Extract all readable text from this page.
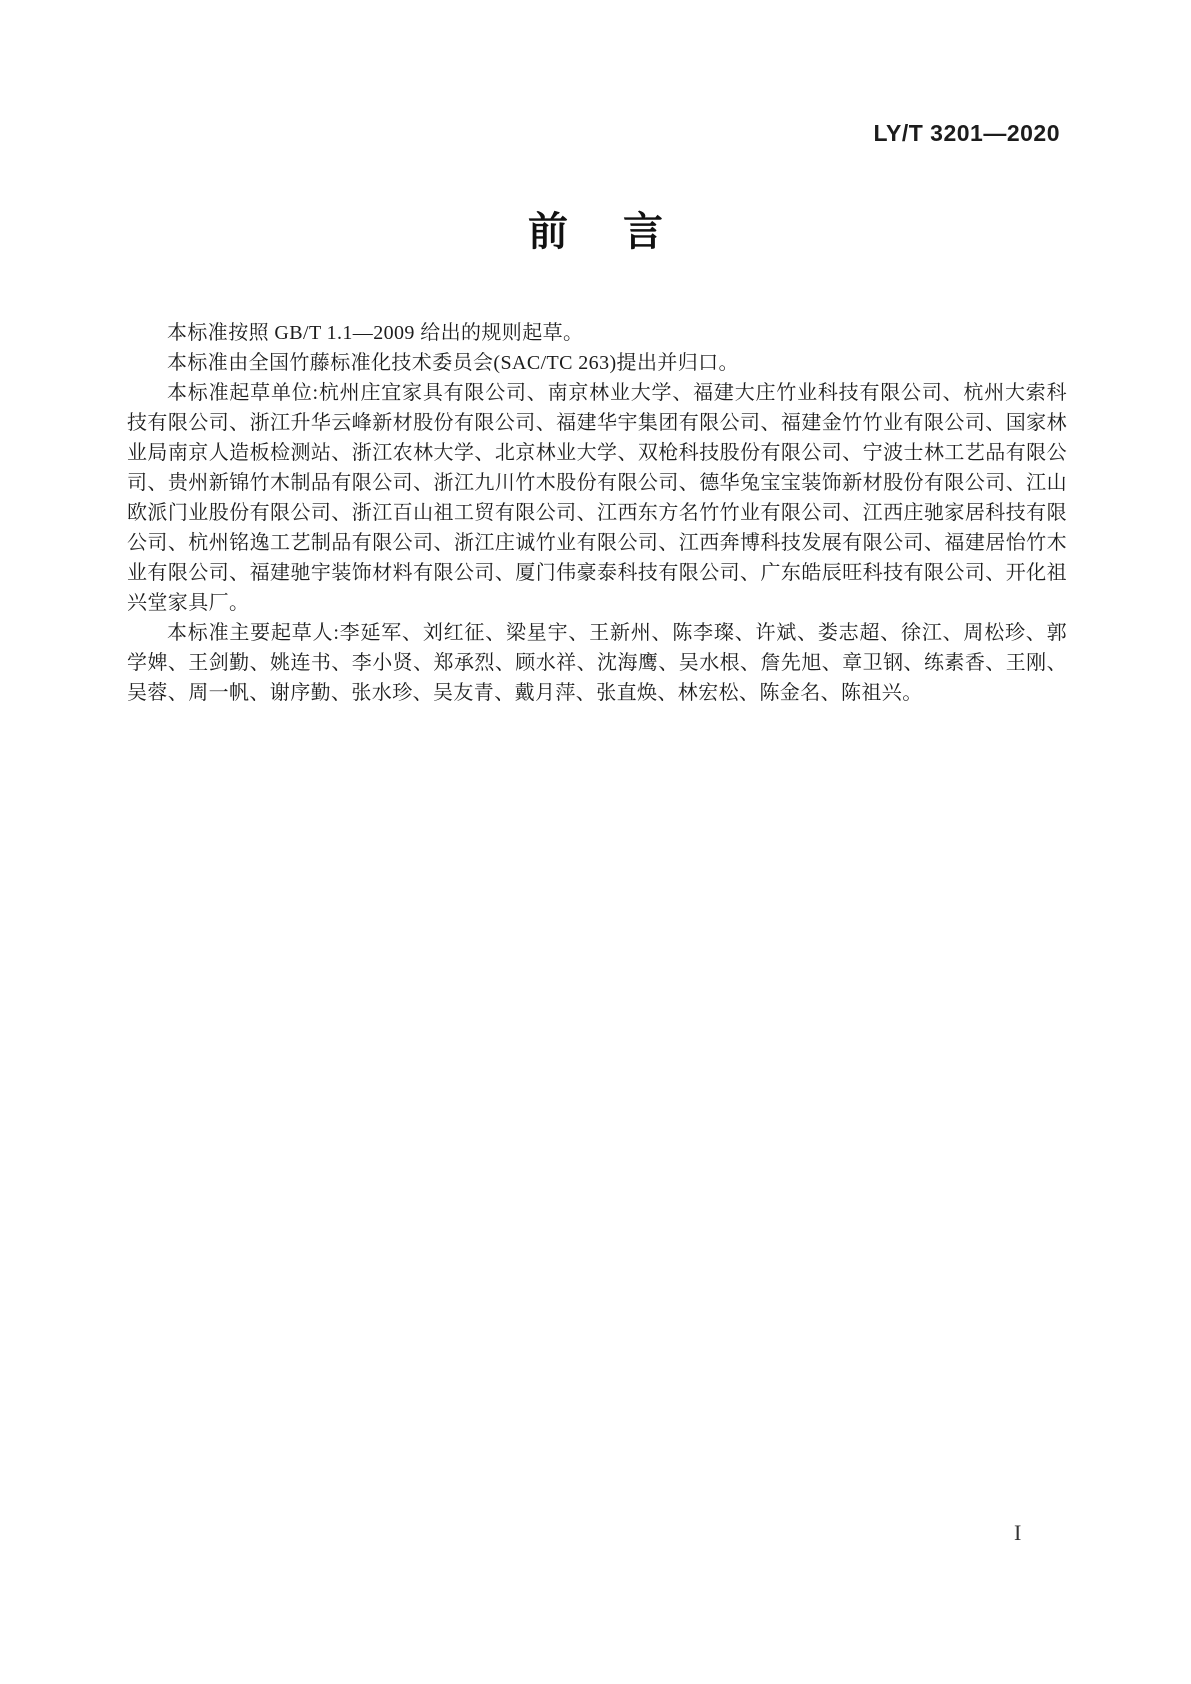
LY/T 3201—2020
前 言

本标准按照 GB/T 1.1—2009 给出的规则起草。

本标准由全国竹藤标准化技术委员会(SAC/TC 263)提出并归口。

本标准起草单位:杭州庄宜家具有限公司、南京林业大学、福建大庄竹业科技有限公司、杭州大索科技有限公司、浙江升华云峰新材股份有限公司、福建华宇集团有限公司、福建金竹竹业有限公司、国家林业局南京人造板检测站、浙江农林大学、北京林业大学、双枪科技股份有限公司、宁波士林工艺品有限公司、贵州新锦竹木制品有限公司、浙江九川竹木股份有限公司、德华兔宝宝装饰新材股份有限公司、江山欧派门业股份有限公司、浙江百山祖工贸有限公司、江西东方名竹竹业有限公司、江西庄驰家居科技有限公司、杭州铭逸工艺制品有限公司、浙江庄诚竹业有限公司、江西奔博科技发展有限公司、福建居怡竹木业有限公司、福建驰宇装饰材料有限公司、厦门伟豪泰科技有限公司、广东皓辰旺科技有限公司、开化祖兴堂家具厂。

本标准主要起草人:李延军、刘红征、梁星宇、王新州、陈李璨、许斌、娄志超、徐江、周松珍、郭学婢、王剑勤、姚连书、李小贤、郑承烈、顾水祥、沈海鹰、吴水根、詹先旭、章卫钢、练素香、王刚、吴蓉、周一帆、谢序勤、张水珍、吴友青、戴月萍、张直焕、林宏松、陈金名、陈祖兴。

I
